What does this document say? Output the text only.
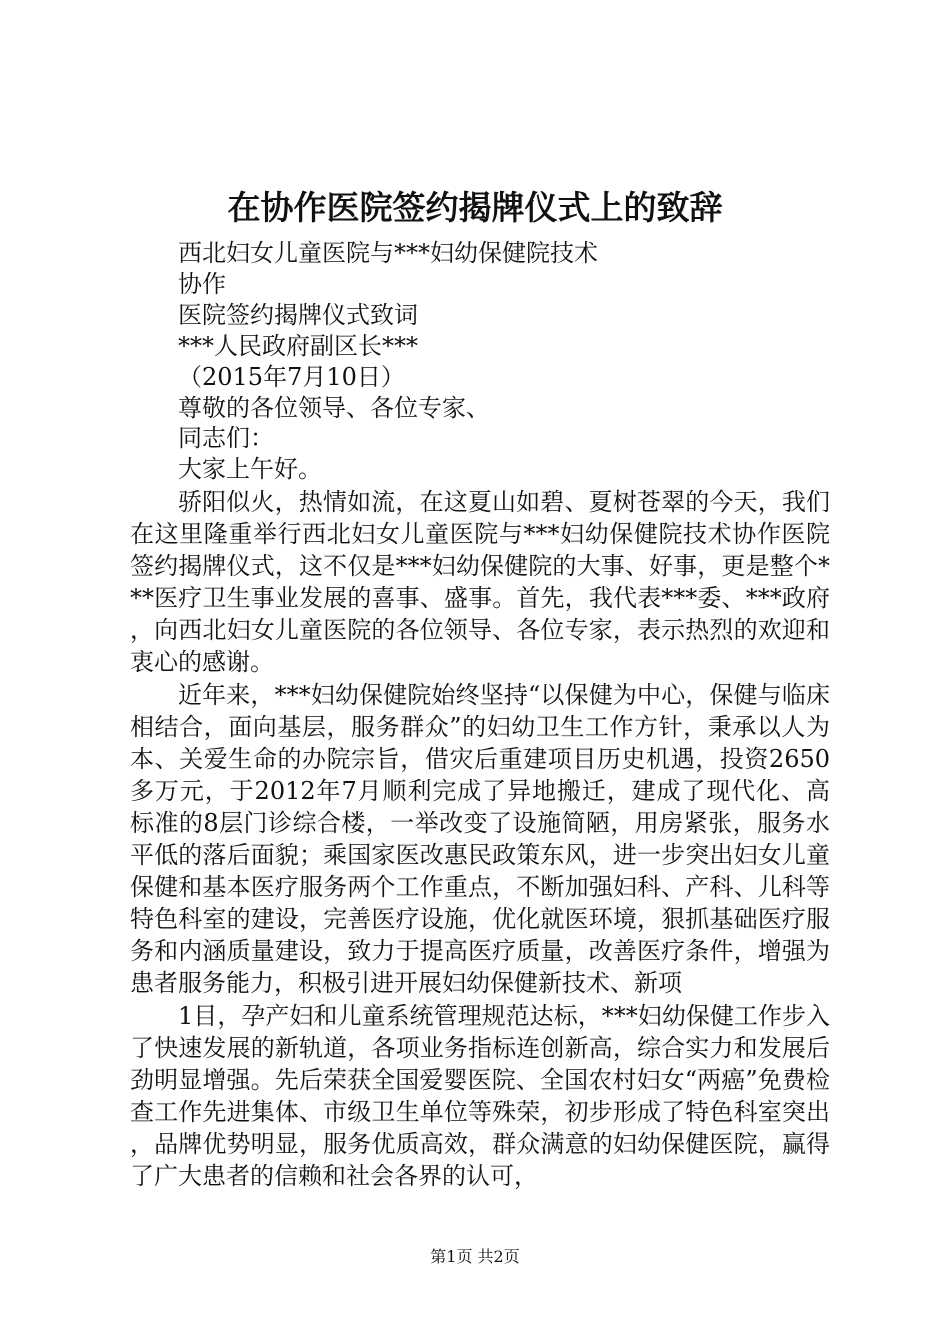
在协作医院签约揭牌仪式上的致辞

西北妇女儿童医院与***妇幼保健院技术

协作

医院签约揭牌仪式致词

***人民政府副区长***

（2015年7月10日）

尊敬的各位领导、各位专家、

同志们：

大家上午好。

骄阳似火，热情如流，在这夏山如碧、夏树苍翠的今天，我们在这里隆重举行西北妇女儿童医院与***妇幼保健院技术协作医院签约揭牌仪式，这不仅是***妇幼保健院的大事、好事，更是整个***医疗卫生事业发展的喜事、盛事。首先，我代表***委、***政府，向西北妇女儿童医院的各位领导、各位专家，表示热烈的欢迎和衷心的感谢。

近年来，***妇幼保健院始终坚持“以保健为中心，保健与临床相结合，面向基层，服务群众”的妇幼卫生工作方针，秉承以人为本、关爱生命的办院宗旨，借灾后重建项目历史机遇，投资2650多万元，于2012年7月顺利完成了异地搬迁，建成了现代化、高标准的8层门诊综合楼，一举改变了设施简陋，用房紧张，服务水平低的落后面貌；乘国家医改惠民政策东风，进一步突出妇女儿童保健和基本医疗服务两个工作重点，不断加强妇科、产科、儿科等特色科室的建设，完善医疗设施，优化就医环境，狠抓基础医疗服务和内涵质量建设，致力于提高医疗质量，改善医疗条件，增强为患者服务能力，积极引进开展妇幼保健新技术、新项

1目，孕产妇和儿童系统管理规范达标，***妇幼保健工作步入了快速发展的新轨道，各项业务指标连创新高，综合实力和发展后劲明显增强。先后荣获全国爱婴医院、全国农村妇女“两癌”免费检查工作先进集体、市级卫生单位等殊荣，初步形成了特色科室突出，品牌优势明显，服务优质高效，群众满意的妇幼保健医院，赢得了广大患者的信赖和社会各界的认可，

第1页 共2页
